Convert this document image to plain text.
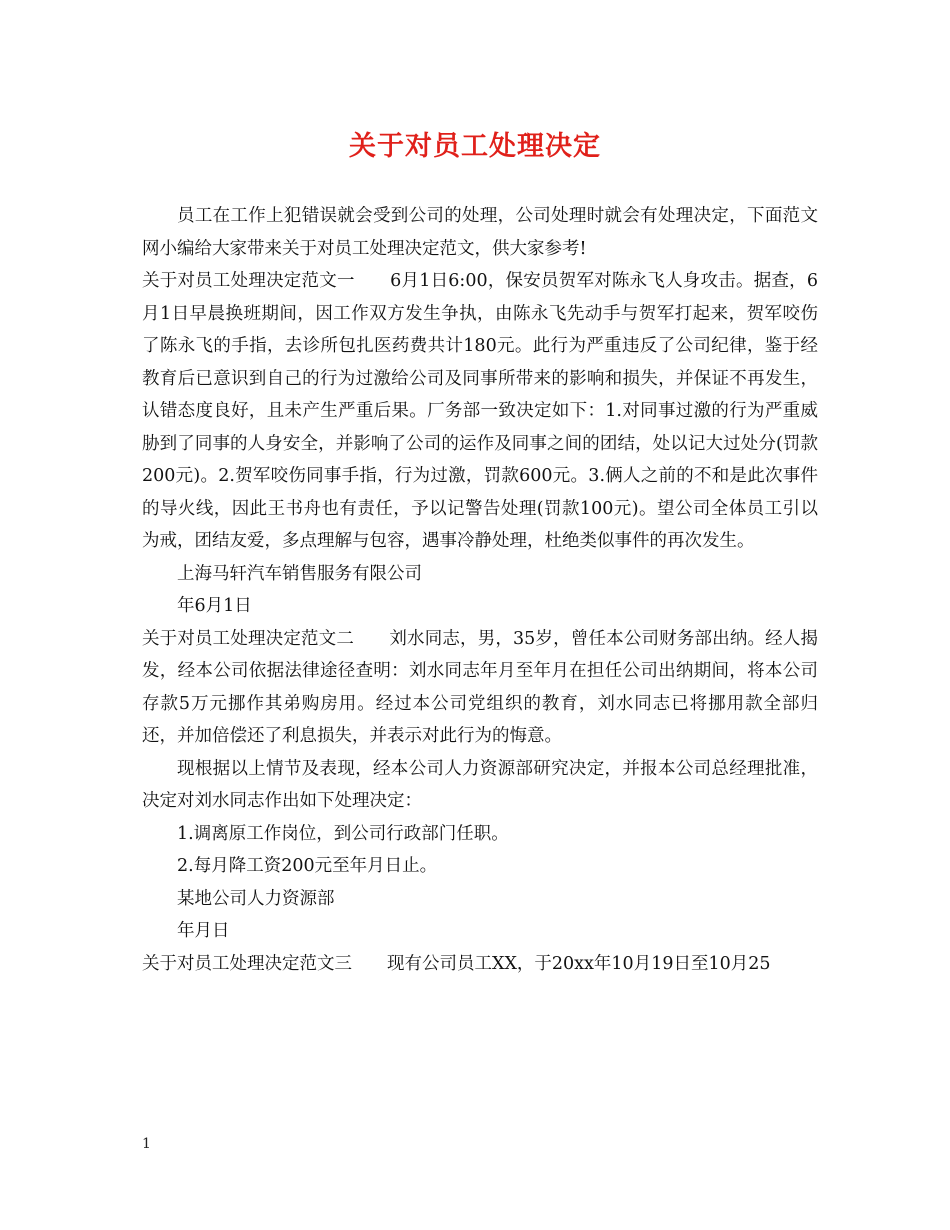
关于对员工处理决定

员工在工作上犯错误就会受到公司的处理，公司处理时就会有处理决定，下面范文网小编给大家带来关于对员工处理决定范文，供大家参考!

关于对员工处理决定范文一　　6月1日6:00，保安员贺军对陈永飞人身攻击。据查，6月1日早晨换班期间，因工作双方发生争执，由陈永飞先动手与贺军打起来，贺军咬伤了陈永飞的手指，去诊所包扎医药费共计180元。此行为严重违反了公司纪律，鉴于经教育后已意识到自己的行为过激给公司及同事所带来的影响和损失，并保证不再发生，认错态度良好，且未产生严重后果。厂务部一致决定如下：1.对同事过激的行为严重威胁到了同事的人身安全，并影响了公司的运作及同事之间的团结，处以记大过处分(罚款200元)。2.贺军咬伤同事手指，行为过激，罚款600元。3.俩人之前的不和是此次事件的导火线，因此王书舟也有责任，予以记警告处理(罚款100元)。望公司全体员工引以为戒，团结友爱，多点理解与包容，遇事冷静处理，杜绝类似事件的再次发生。

上海马轩汽车销售服务有限公司

年6月1日

关于对员工处理决定范文二　　刘水同志，男，35岁，曾任本公司财务部出纳。经人揭发，经本公司依据法律途径查明：刘水同志年月至年月在担任公司出纳期间，将本公司存款5万元挪作其弟购房用。经过本公司党组织的教育，刘水同志已将挪用款全部归还，并加倍偿还了利息损失，并表示对此行为的悔意。

现根据以上情节及表现，经本公司人力资源部研究决定，并报本公司总经理批准，决定对刘水同志作出如下处理决定：

1.调离原工作岗位，到公司行政部门任职。

2.每月降工资200元至年月日止。

某地公司人力资源部

年月日

关于对员工处理决定范文三　　现有公司员工XX，于20xx年10月19日至10月25

1
